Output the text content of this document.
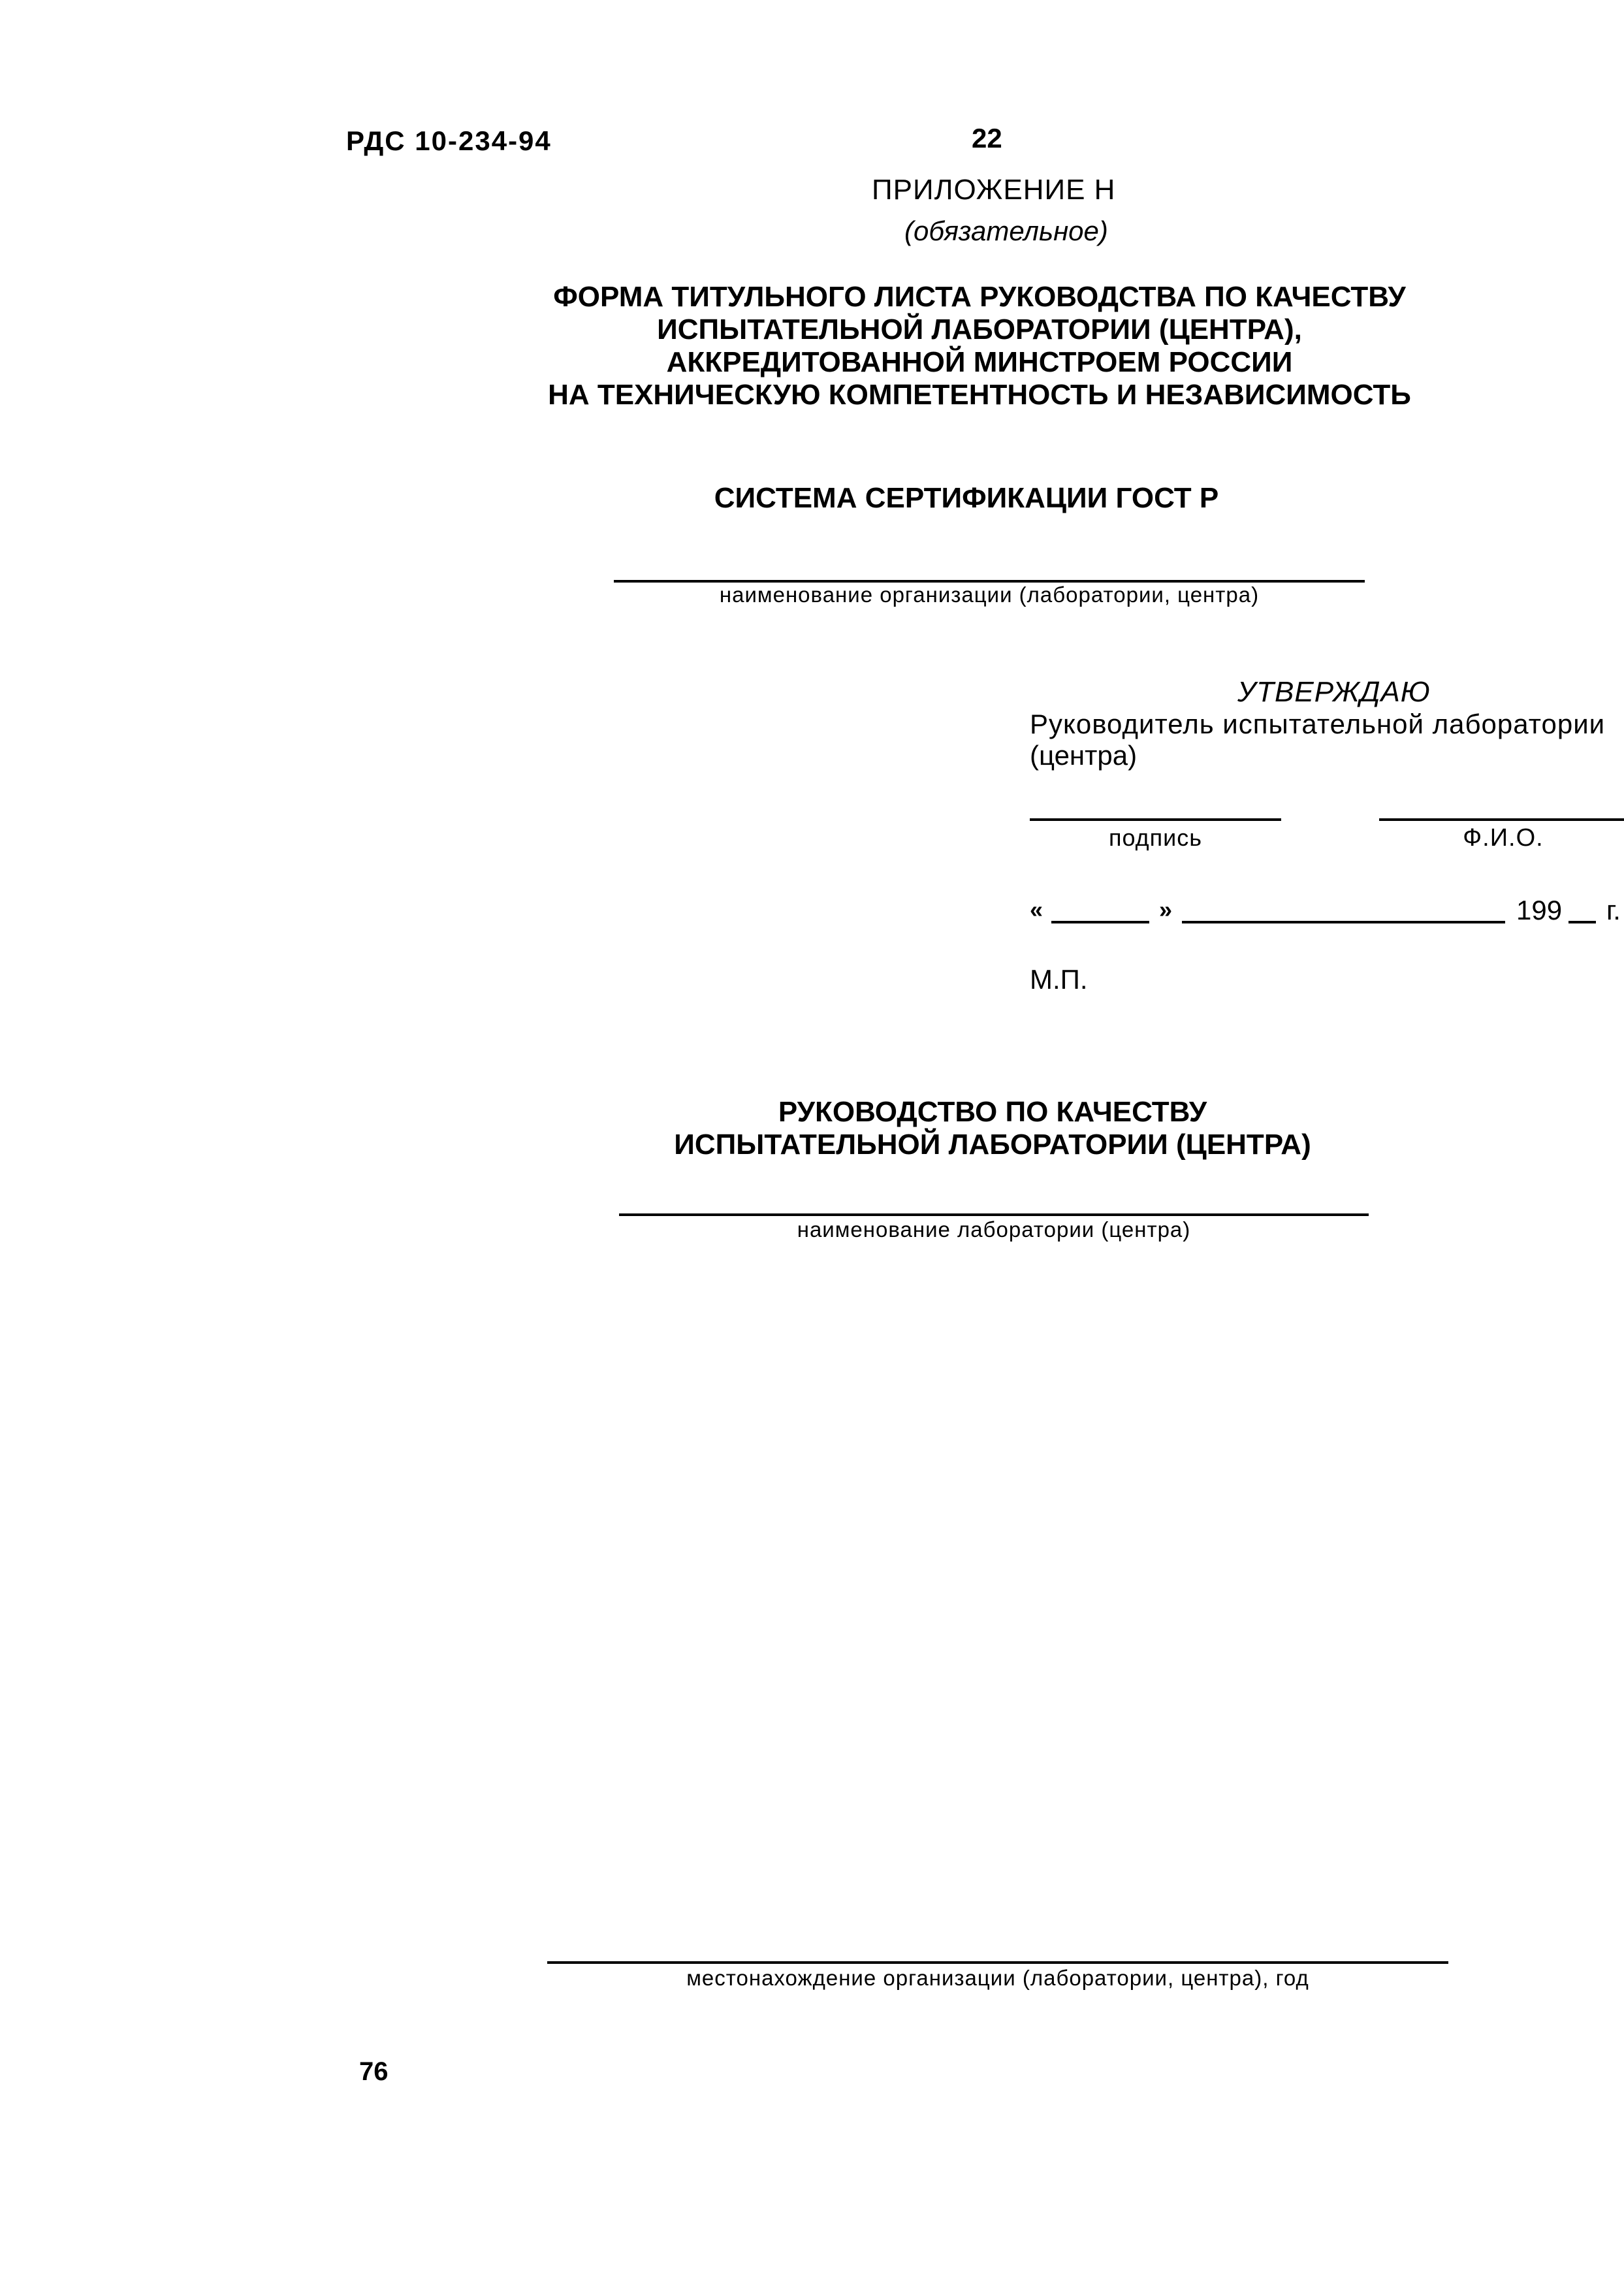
РДС 10-234-94	22
ПРИЛОЖЕНИЕ Н
(обязательное)
ФОРМА ТИТУЛЬНОГО ЛИСТА РУКОВОДСТВА ПО КАЧЕСТВУ
ИСПЫТАТЕЛЬНОЙ ЛАБОРАТОРИИ (ЦЕНТРА),
АККРЕДИТОВАННОЙ МИНСТРОЕМ РОССИИ
НА ТЕХНИЧЕСКУЮ КОМПЕТЕНТНОСТЬ И НЕЗАВИСИМОСТЬ
СИСТЕМА СЕРТИФИКАЦИИ ГОСТ Р
наименование организации (лаборатории, центра)
УТВЕРЖДАЮ
Руководитель испытательной лаборатории
(центра)
подпись	Ф.И.О.
«	»	199 г.
М.П.
РУКОВОДСТВО ПО КАЧЕСТВУ
ИСПЫТАТЕЛЬНОЙ ЛАБОРАТОРИИ (ЦЕНТРА)
наименование лаборатории (центра)
местонахождение организации (лаборатории, центра), год
76
